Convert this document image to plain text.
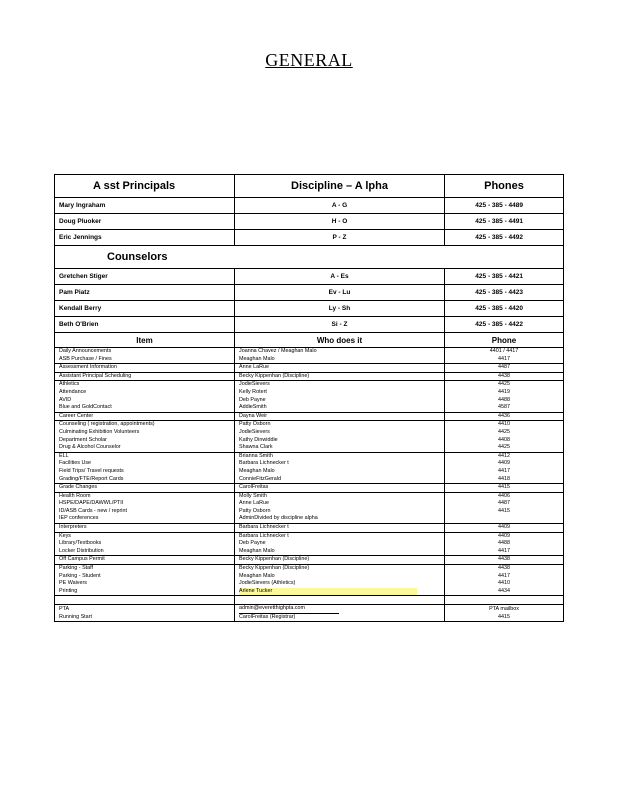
GENERAL
A sst Principals	Discipline – A lpha	Phones
Mary Ingraham	A - G	425 - 385 - 4489
Doug Pluoker	H - O	425 - 385 - 4491
Eric Jennings	P - Z	425 - 385 - 4492
Counselors		
Gretchen Stiger	A - Es	425 - 385 - 4421
Pam Piatz	Ev - Lu	425 - 385 - 4423
Kendall Berry	Ly - Sh	425 - 385 - 4420
Beth O'Brien	Si - Z	425 - 385 - 4422
Item	Who does it	Phone
Daily Announcements	Joanna Chavez / Meaghan Malo	4401 / 4417
ASB Purchase / Fines	Meaghan Malo	4417
Assessment Information	Anne LaRue	4487
Assistant Principal Scheduling	Becky Kippenhan (Discipline)	4438
Athletics	JodieSievers	4425
Attendance	Kelly Rotert	4419
AVID	Deb Payne	4488
Blue and GoldContact	AddieSmith	4587
Career Center	Dayna Weir	4436
Counseling ( registration, appointments)	Patty Osborn	4410
Culminating Exhibition Volunteers	JodieSievers	4425
Department Scholar	Kathy Dinwiddie	4408
Drug & Alcohol Counselor	Shawna Clark	4425
ELL	Brianna Smith	4412
Facilities Use	Barbara Lichnecker t	4409
Field Trips/ Travel requests	Meaghan Malo	4417
Grading/FTE/Report Cards	ConnieFitzGerald	4418
Grade Changes	CarolFreitas	4415
Health Room	Molly Smith	4406
HSPE/DAPE/DAWWL/PTII	Anne LaRue	4487
ID/ASB Cards - new / reprint	Patty Osborn	4415
IEP conferences	AdminDivided by discipline alpha	
Interpreters	Barbara Lichnecker t	4409
Keys	Barbara Lichnecker t	4409
Library/Textbooks	Deb Payne	4488
Locker Distribution	Meaghan Malo	4417
Off Campus Permit	Becky Kippenhan (Discipline)	4438
Parking - Staff	Becky Kippenhan (Discipline)	4438
Parking - Student	Meaghan Malo	4417
PE Waivers	JodieSievers (Athletics)	4410
Printing	Arlene Tucker	4434

PTA	admin@everetthighpta.com	PTA mailbox
Running Start	CarolFreitas (Registrar)	4415
